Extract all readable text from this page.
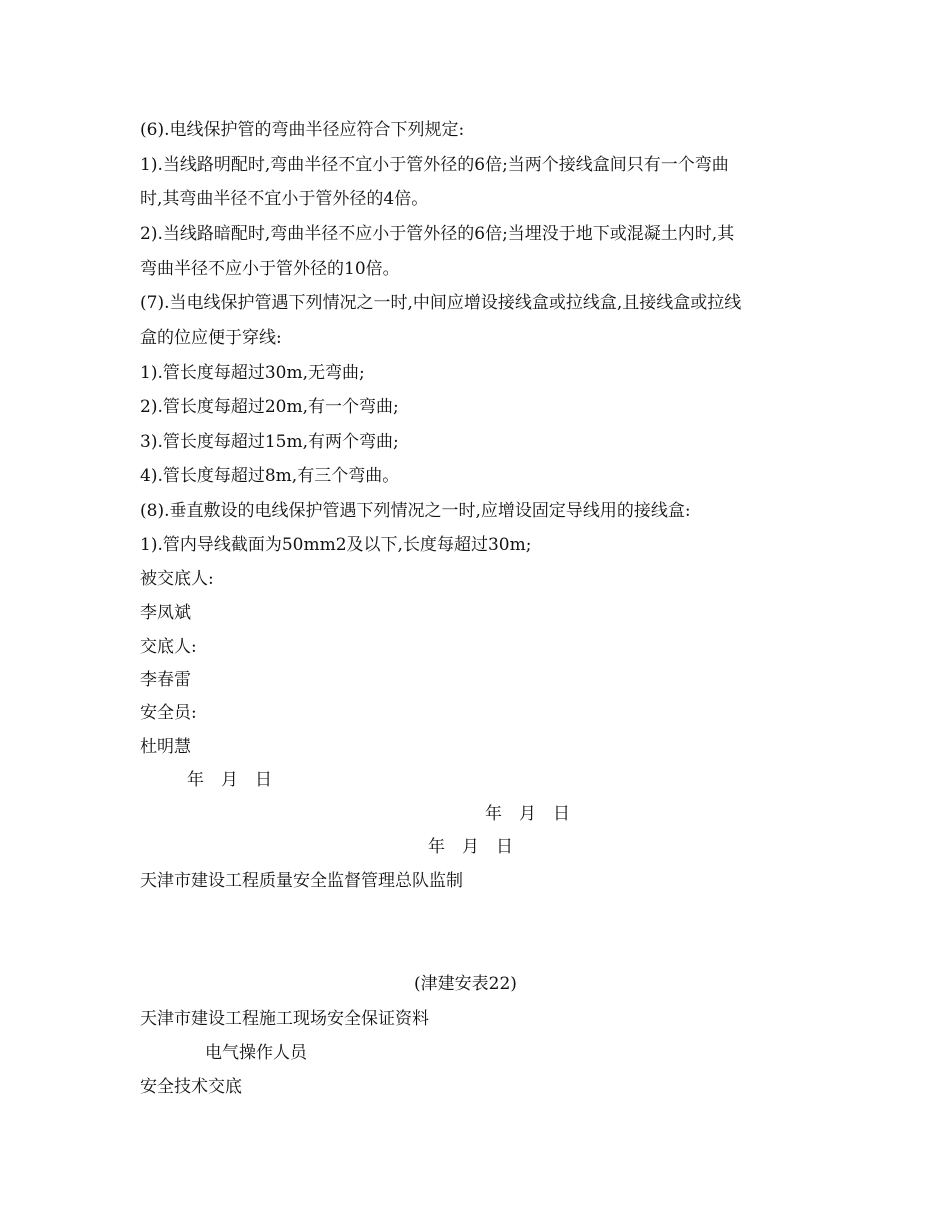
(6).电线保护管的弯曲半径应符合下列规定:
1).当线路明配时,弯曲半径不宜小于管外径的6倍;当两个接线盒间只有一个弯曲
时,其弯曲半径不宜小于管外径的4倍。
2).当线路暗配时,弯曲半径不应小于管外径的6倍;当埋没于地下或混凝土内时,其
弯曲半径不应小于管外径的10倍。
(7).当电线保护管遇下列情况之一时,中间应增设接线盒或拉线盒,且接线盒或拉线
盒的位应便于穿线:
1).管长度每超过30m,无弯曲;
2).管长度每超过20m,有一个弯曲;
3).管长度每超过15m,有两个弯曲;
4).管长度每超过8m,有三个弯曲。
(8).垂直敷设的电线保护管遇下列情况之一时,应增设固定导线用的接线盒:
1).管内导线截面为50mm2及以下,长度每超过30m;
被交底人:
李凤斌
交底人:
李春雷
安全员:
杜明慧
年　月　日
年　月　日
年　月　日
天津市建设工程质量安全监督管理总队监制
(津建安表22)
天津市建设工程施工现场安全保证资料
电气操作人员
安全技术交底
